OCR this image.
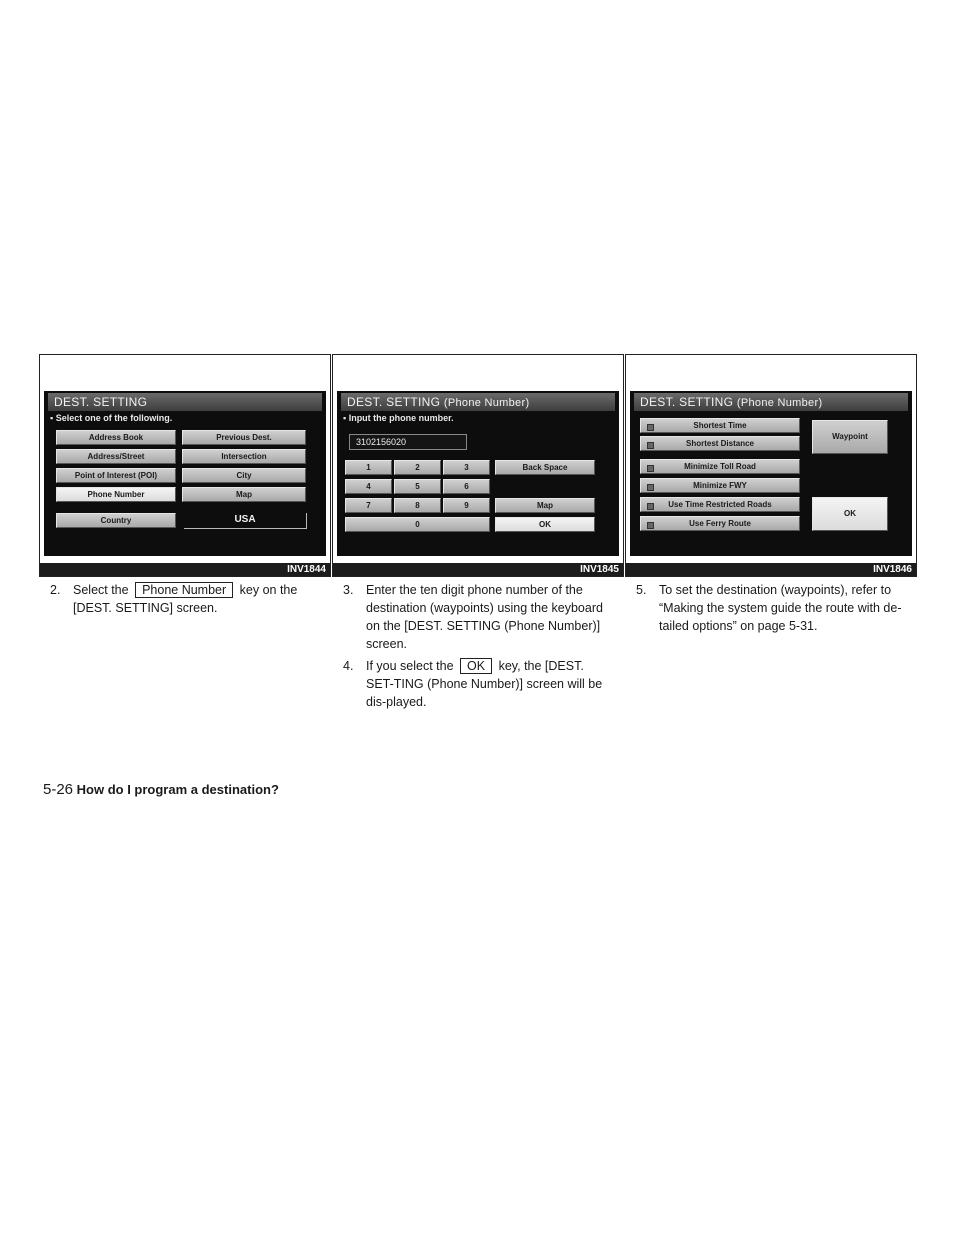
DEST. SETTING
▪ Select one of the following.
Address Book	Previous Dest.
Address/Street	Intersection
Point of Interest (POI)	City
Phone Number	Map
Country	USA
INV1844
DEST. SETTING (Phone Number)
▪ Input the phone number.
3102156020
1	2	3	Back Space
4	5	6
7	8	9	Map
0	OK
INV1845
DEST. SETTING (Phone Number)
Shortest Time
Shortest Distance
Minimize Toll Road
Minimize FWY
Use Time Restricted Roads
Use Ferry Route
Waypoint
OK
INV1846
2. Select the Phone Number key on the [DEST. SETTING] screen.
3. Enter the ten digit phone number of the destination (waypoints) using the keyboard on the [DEST. SETTING (Phone Number)] screen.
4. If you select the OK key, the [DEST. SET-TING (Phone Number)] screen will be dis-played.
5. To set the destination (waypoints), refer to “Making the system guide the route with de-tailed options” on page 5-31.
5-26 How do I program a destination?
